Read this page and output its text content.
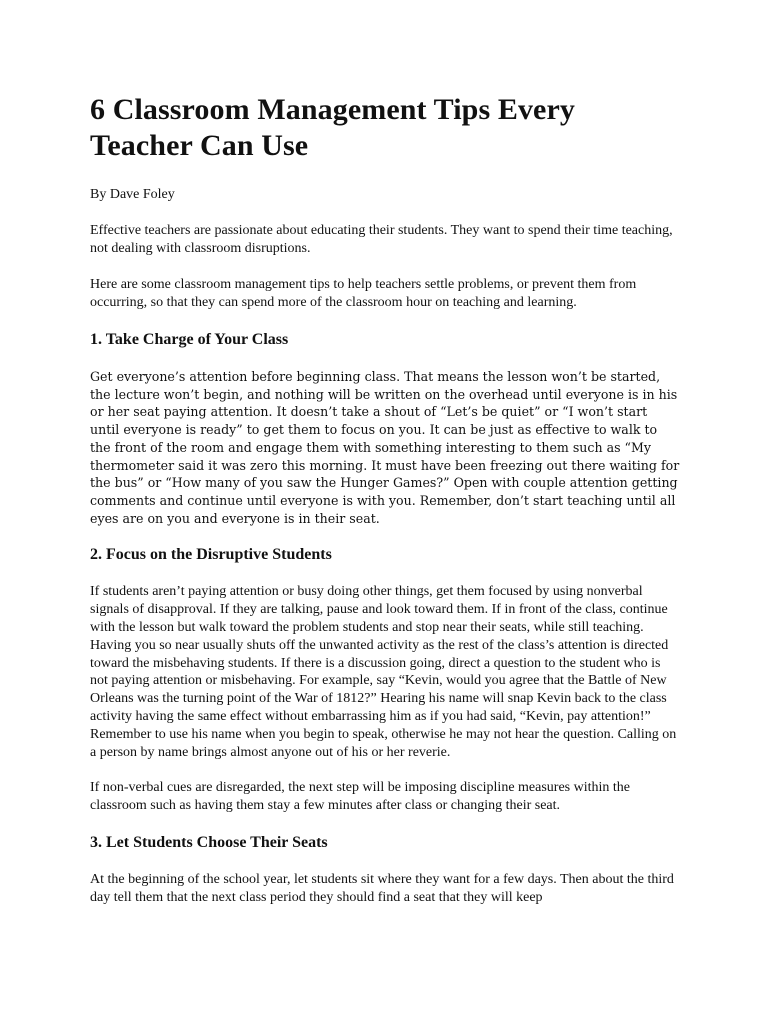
6 Classroom Management Tips Every Teacher Can Use

By Dave Foley

Effective teachers are passionate about educating their students. They want to spend their time teaching, not dealing with classroom disruptions.

Here are some classroom management tips to help teachers settle problems, or prevent them from occurring, so that they can spend more of the classroom hour on teaching and learning.

1. Take Charge of Your Class

Get everyone’s attention before beginning class. That means the lesson won’t be started, the lecture won’t begin, and nothing will be written on the overhead until everyone is in his or her seat paying attention. It doesn’t take a shout of “Let’s be quiet” or “I won’t start until everyone is ready” to get them to focus on you. It can be just as effective to walk to the front of the room and engage them with something interesting to them such as “My thermometer said it was zero this morning. It must have been freezing out there waiting for the bus” or “How many of you saw the Hunger Games?” Open with couple attention getting comments and continue until everyone is with you. Remember, don’t start teaching until all eyes are on you and everyone is in their seat.

2. Focus on the Disruptive Students

If students aren’t paying attention or busy doing other things, get them focused by using nonverbal signals of disapproval. If they are talking, pause and look toward them. If in front of the class, continue with the lesson but walk toward the problem students and stop near their seats, while still teaching. Having you so near usually shuts off the unwanted activity as the rest of the class’s attention is directed toward the misbehaving students. If there is a discussion going, direct a question to the student who is not paying attention or misbehaving. For example, say “Kevin, would you agree that the Battle of New Orleans was the turning point of the War of 1812?” Hearing his name will snap Kevin back to the class activity having the same effect without embarrassing him as if you had said, “Kevin, pay attention!” Remember to use his name when you begin to speak, otherwise he may not hear the question. Calling on a person by name brings almost anyone out of his or her reverie.

If non-verbal cues are disregarded, the next step will be imposing discipline measures within the classroom such as having them stay a few minutes after class or changing their seat.

3. Let Students Choose Their Seats

At the beginning of the school year, let students sit where they want for a few days. Then about the third day tell them that the next class period they should find a seat that they will keep
